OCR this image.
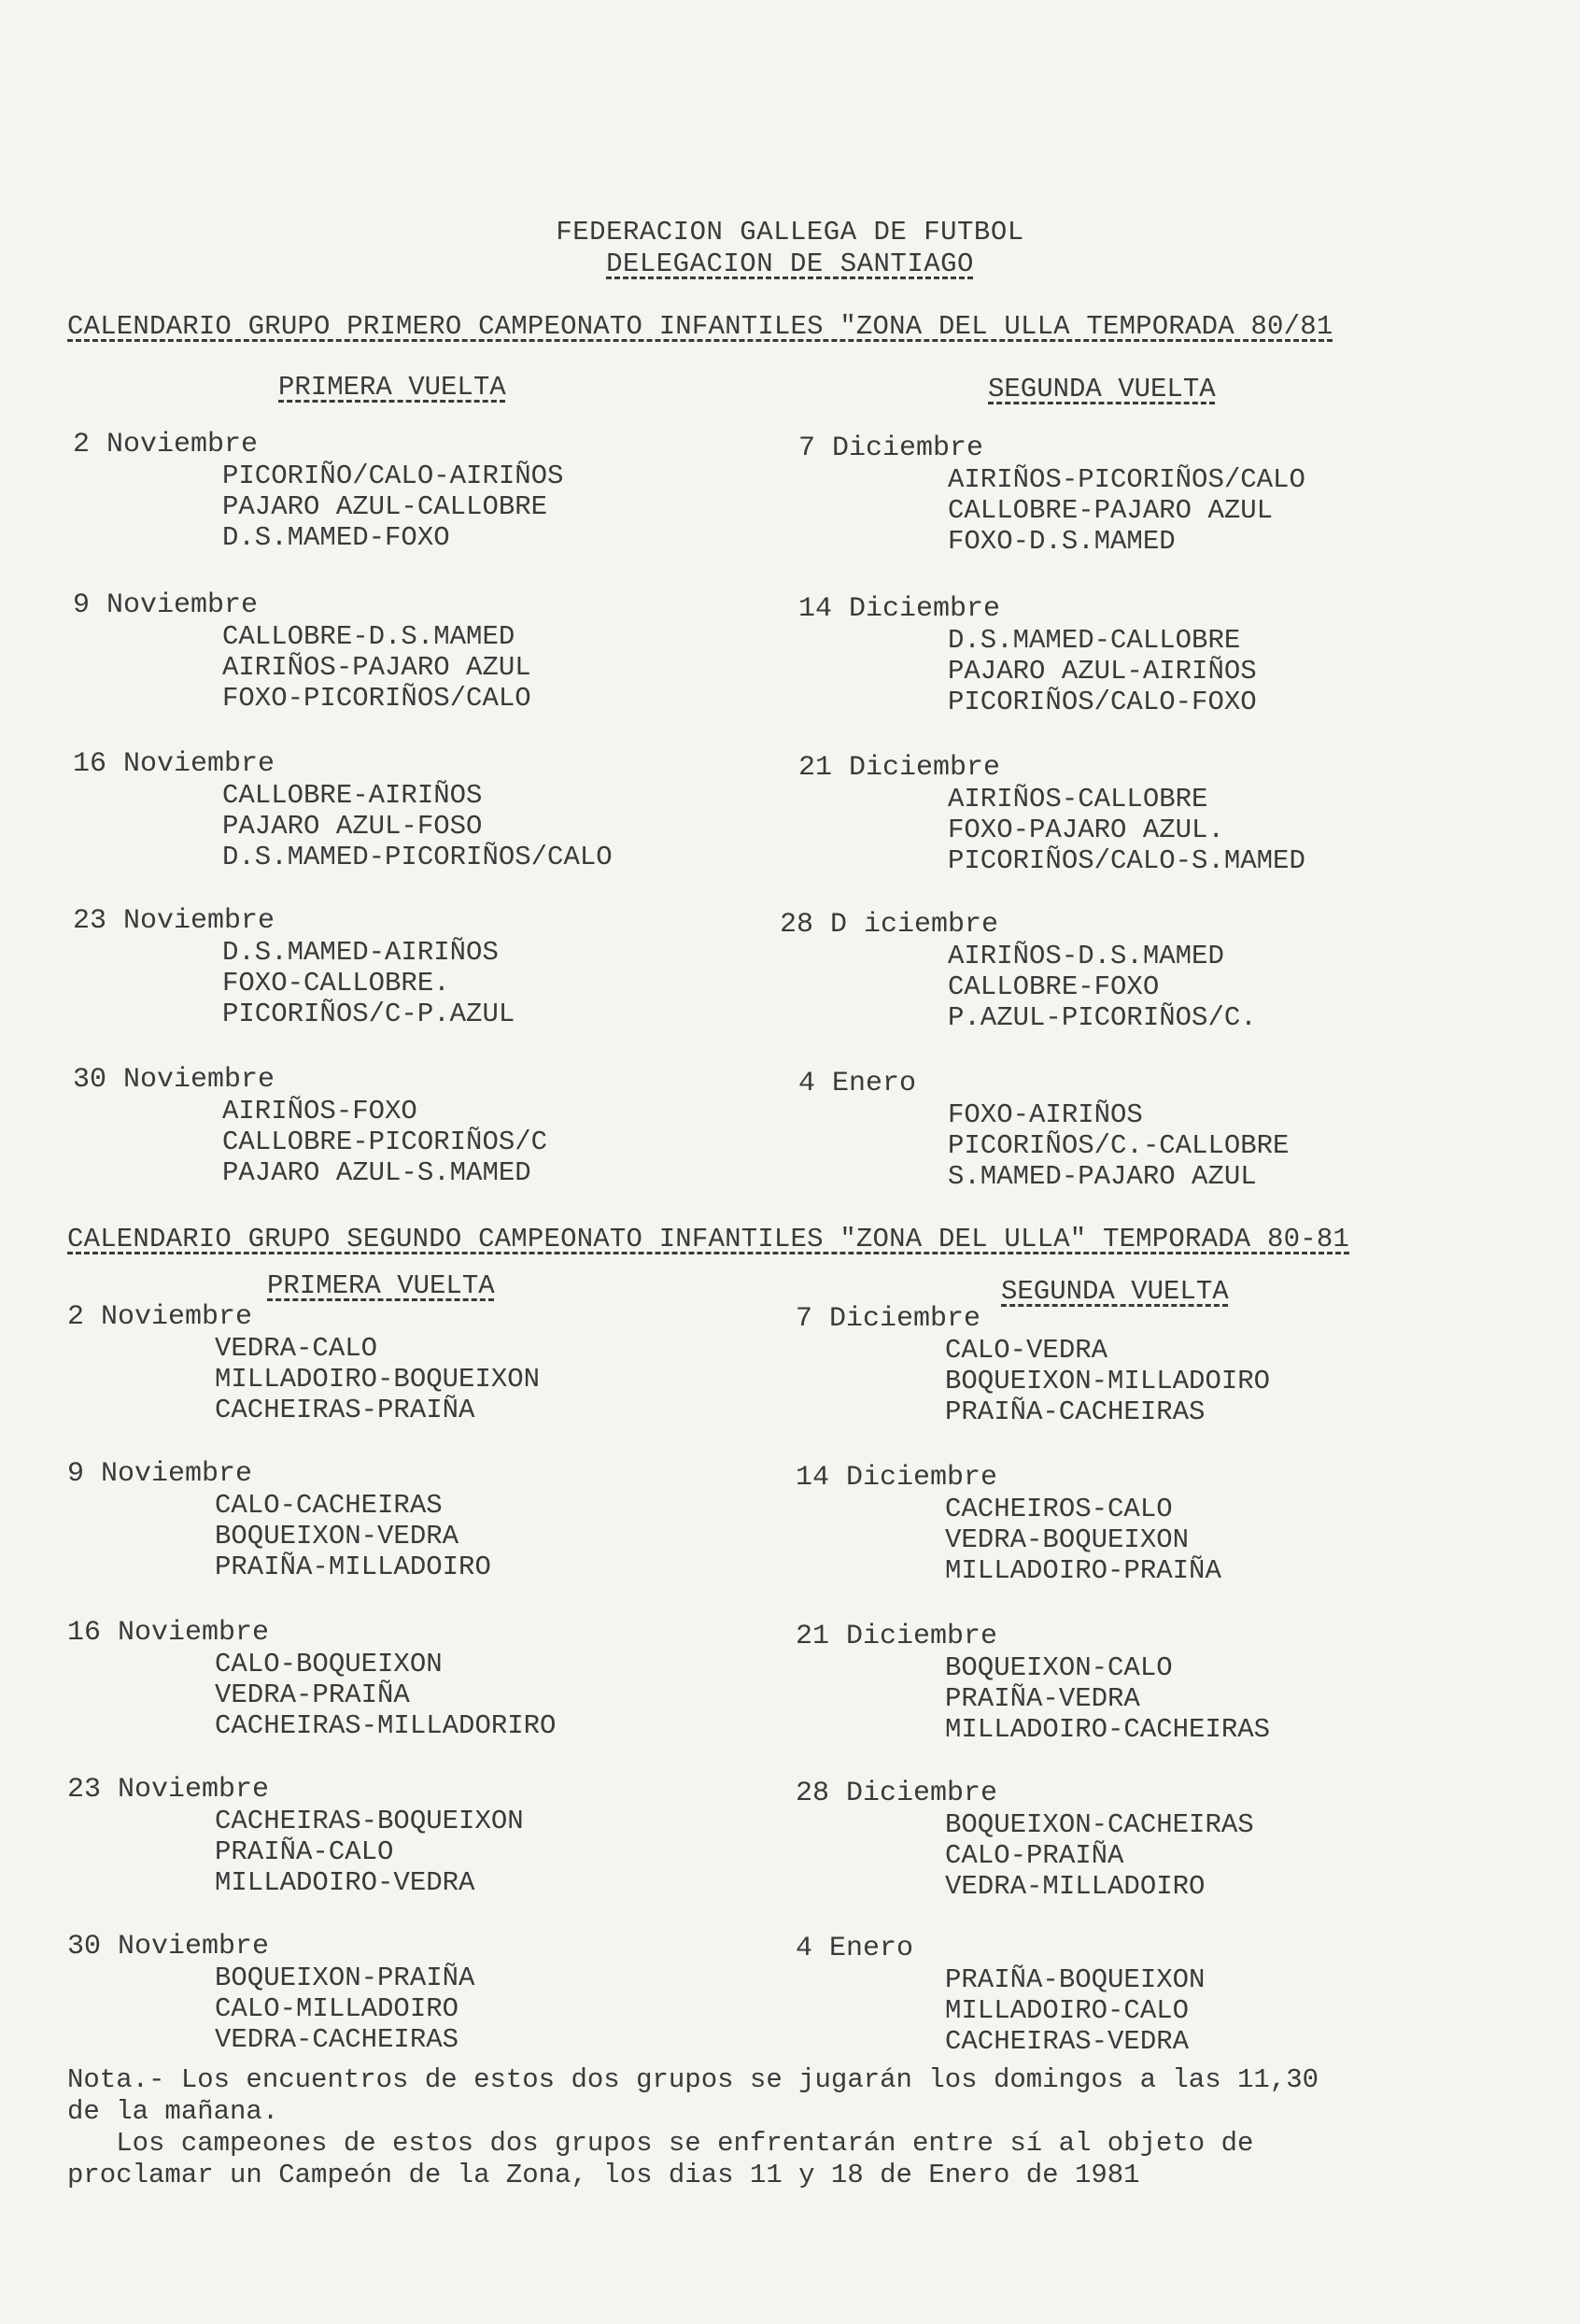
FEDERACION GALLEGA DE FUTBOL
DELEGACION DE SANTIAGO
CALENDARIO GRUPO PRIMERO CAMPEONATO INFANTILES "ZONA DEL ULLA TEMPORADA 80/81
PRIMERA VUELTA	SEGUNDA VUELTA
2 Noviembre
PICORIÑO/CALO-AIRIÑOS
PAJARO AZUL-CALLOBRE
D.S.MAMED-FOXO
9 Noviembre
CALLOBRE-D.S.MAMED
AIRIÑOS-PAJARO AZUL
FOXO-PICORIÑOS/CALO
16 Noviembre
CALLOBRE-AIRIÑOS
PAJARO AZUL-FOSO
D.S.MAMED-PICORIÑOS/CALO
23 Noviembre
D.S.MAMED-AIRIÑOS
FOXO-CALLOBRE.
PICORIÑOS/C-P.AZUL
30 Noviembre
AIRIÑOS-FOXO
CALLOBRE-PICORIÑOS/C
PAJARO AZUL-S.MAMED
7 Diciembre
AIRIÑOS-PICORIÑOS/CALO
CALLOBRE-PAJARO AZUL
FOXO-D.S.MAMED
14 Diciembre
D.S.MAMED-CALLOBRE
PAJARO AZUL-AIRIÑOS
PICORIÑOS/CALO-FOXO
21 Diciembre
AIRIÑOS-CALLOBRE
FOXO-PAJARO AZUL.
PICORIÑOS/CALO-S.MAMED
28 D iciembre
AIRIÑOS-D.S.MAMED
CALLOBRE-FOXO
P.AZUL-PICORIÑOS/C.
4 Enero
FOXO-AIRIÑOS
PICORIÑOS/C.-CALLOBRE
S.MAMED-PAJARO AZUL
CALENDARIO GRUPO SEGUNDO CAMPEONATO INFANTILES "ZONA DEL ULLA" TEMPORADA 80-81
PRIMERA VUELTA	SEGUNDA VUELTA
2 Noviembre
VEDRA-CALO
MILLADOIRO-BOQUEIXON
CACHEIRAS-PRAIÑA
9 Noviembre
CALO-CACHEIRAS
BOQUEIXON-VEDRA
PRAIÑA-MILLADOIRO
16 Noviembre
CALO-BOQUEIXON
VEDRA-PRAIÑA
CACHEIRAS-MILLADORIRO
23 Noviembre
CACHEIRAS-BOQUEIXON
PRAIÑA-CALO
MILLADOIRO-VEDRA
30 Noviembre
BOQUEIXON-PRAIÑA
CALO-MILLADOIRO
VEDRA-CACHEIRAS
7 Diciembre
CALO-VEDRA
BOQUEIXON-MILLADOIRO
PRAIÑA-CACHEIRAS
14 Diciembre
CACHEIROS-CALO
VEDRA-BOQUEIXON
MILLADOIRO-PRAIÑA
21 Diciembre
BOQUEIXON-CALO
PRAIÑA-VEDRA
MILLADOIRO-CACHEIRAS
28 Diciembre
BOQUEIXON-CACHEIRAS
CALO-PRAIÑA
VEDRA-MILLADOIRO
4 Enero
PRAIÑA-BOQUEIXON
MILLADOIRO-CALO
CACHEIRAS-VEDRA
Nota.- Los encuentros de estos dos grupos se jugarán los domingos a las 11,30
de la mañana.
Los campeones de estos dos grupos se enfrentarán entre sí al objeto de
proclamar un Campeón de la Zona, los dias 11 y 18 de Enero de 1981
